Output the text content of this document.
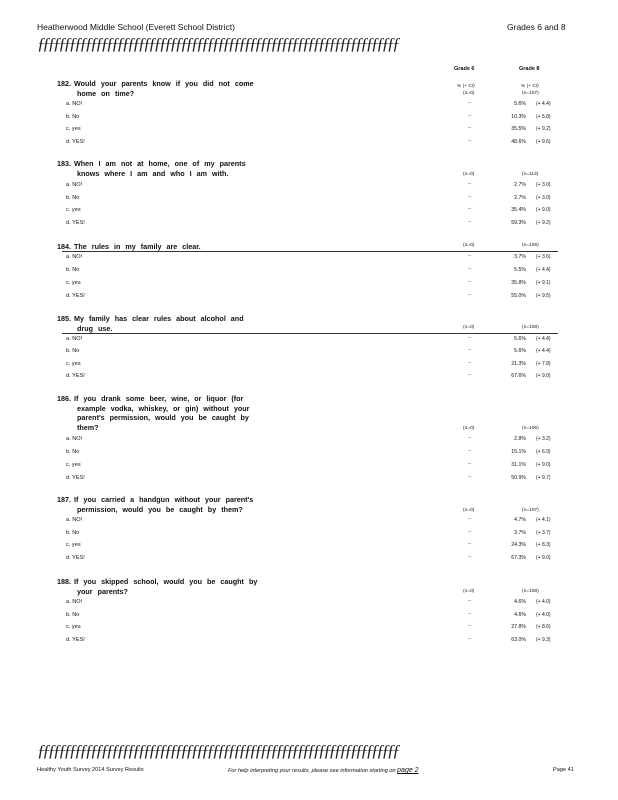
Heatherwood Middle School (Everett School District)	Grades 6 and 8
ƒƒƒƒƒƒƒƒƒƒƒƒƒƒƒƒƒƒƒƒƒƒƒƒƒƒƒƒƒƒƒƒƒƒƒƒƒƒƒƒƒƒƒƒƒƒƒƒƒƒƒƒƒƒƒƒƒƒƒƒƒƒƒƒƒƒƒƒ
Grade 6	Grade 8
% (+ CI)	% (+ CI)
182. Would your parents know if you did not come
home on time?	(n=0)	(n=107)
a. NO!	--	5.6% (+ 4.4)
b. No	--	10.3% (+ 5.8)
c. yes	--	35.5% (+ 9.2)
d. YES!	--	48.6% (+ 9.6)
183. When I am not at home, one of my parents
knows where I am and who I am with.	(n=0)	(n=113)
a. NO!	--	2.7% (+ 3.0)
b. No	--	2.7% (+ 3.0)
c. yes	--	35.4% (+ 9.0)
d. YES!	--	59.3% (+ 9.2)
184. The rules in my family are clear.	(n=0)	(n=109)
a. NO!	--	3.7% (+ 3.6)
b. No	--	5.5% (+ 4.4)
c. yes	--	35.8% (+ 9.1)
d. YES!	--	55.0% (+ 9.5)
185. My family has clear rules about alcohol and
drug use.	(n=0)	(n=108)
a. NO!	--	5.6% (+ 4.4)
b. No	--	5.6% (+ 4.4)
c. yes	--	21.3% (+ 7.8)
d. YES!	--	67.6% (+ 9.0)
186. If you drank some beer, wine, or liquor (for
example vodka, whiskey, or gin) without your
parent's permission, would you be caught by
them?	(n=0)	(n=106)
a. NO!	--	2.8% (+ 3.2)
b. No	--	15.1% (+ 6.9)
c. yes	--	31.1% (+ 9.0)
d. YES!	--	50.9% (+ 9.7)
187. If you carried a handgun without your parent's
permission, would you be caught by them?	(n=0)	(n=107)
a. NO!	--	4.7% (+ 4.1)
b. No	--	3.7% (+ 3.7)
c. yes	--	24.3% (+ 8.3)
d. YES!	--	67.3% (+ 9.0)
188. If you skipped school, would you be caught by
your parents?	(n=0)	(n=108)
a. NO!	--	4.6% (+ 4.0)
b. No	--	4.6% (+ 4.0)
c. yes	--	27.8% (+ 8.6)
d. YES!	--	63.0% (+ 9.3)
ƒƒƒƒƒƒƒƒƒƒƒƒƒƒƒƒƒƒƒƒƒƒƒƒƒƒƒƒƒƒƒƒƒƒƒƒƒƒƒƒƒƒƒƒƒƒƒƒƒƒƒƒƒƒƒƒƒƒƒƒƒƒƒƒƒƒƒƒ
Healthy Youth Survey 2014 Survey Results	For help interpreting your results, please see information starting on page 2	Page 41
